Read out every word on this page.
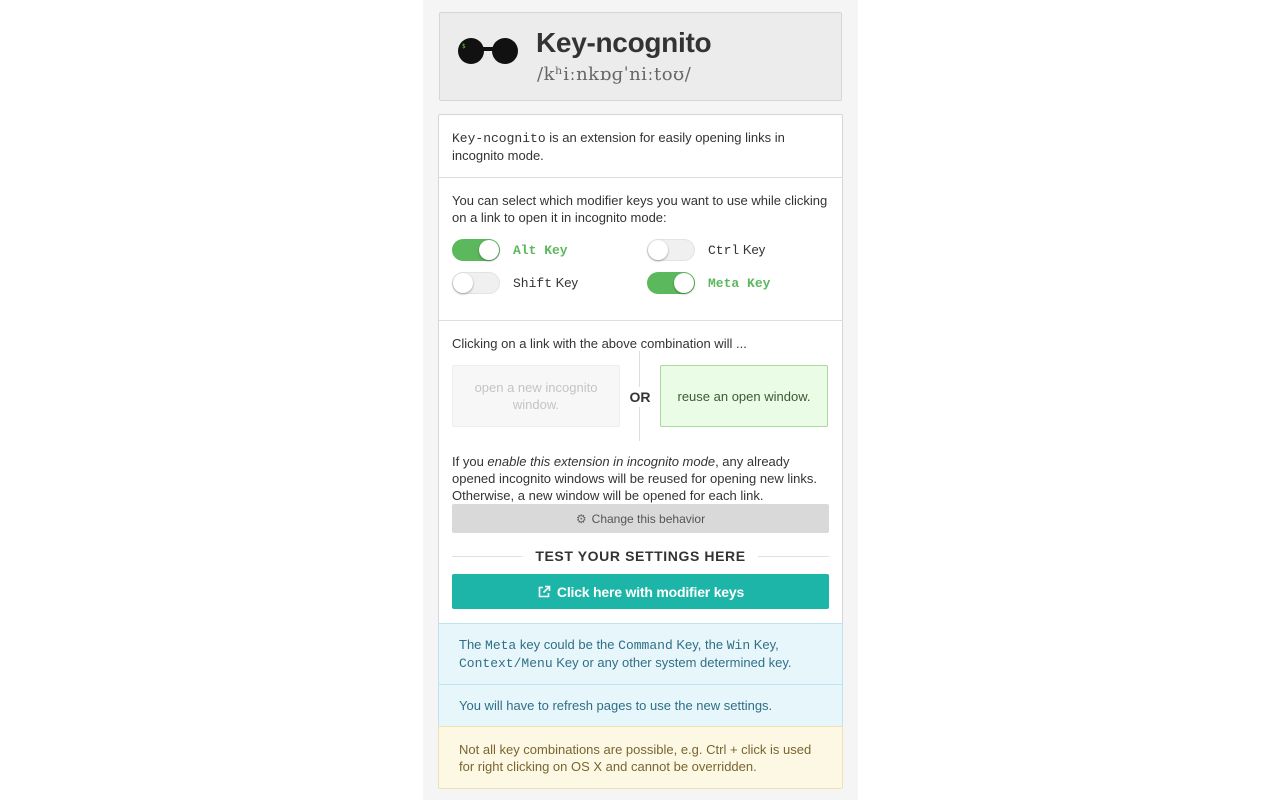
$	Key-ncognito
/kʰiːnkɒɡˈniːtoʊ/

Key-ncognito is an extension for easily opening links in incognito mode.

You can select which modifier keys you want to use while clicking on a link to open it in incognito mode:

Alt Key	Ctrl Key
Shift Key	Meta Key
Clicking on a link with the above combination will ...
open a new incognito window.	OR	reuse an open window.
If you enable this extension in incognito mode, any already opened incognito windows will be reused for opening new links. Otherwise, a new window will be opened for each link.
⚙ Change this behavior
TEST YOUR SETTINGS HERE
Click here with modifier keys
The Meta key could be the Command Key, the Win Key, Context/Menu Key or any other system determined key.
You will have to refresh pages to use the new settings.
Not all key combinations are possible, e.g. Ctrl + click is used for right clicking on OS X and cannot be overridden.
